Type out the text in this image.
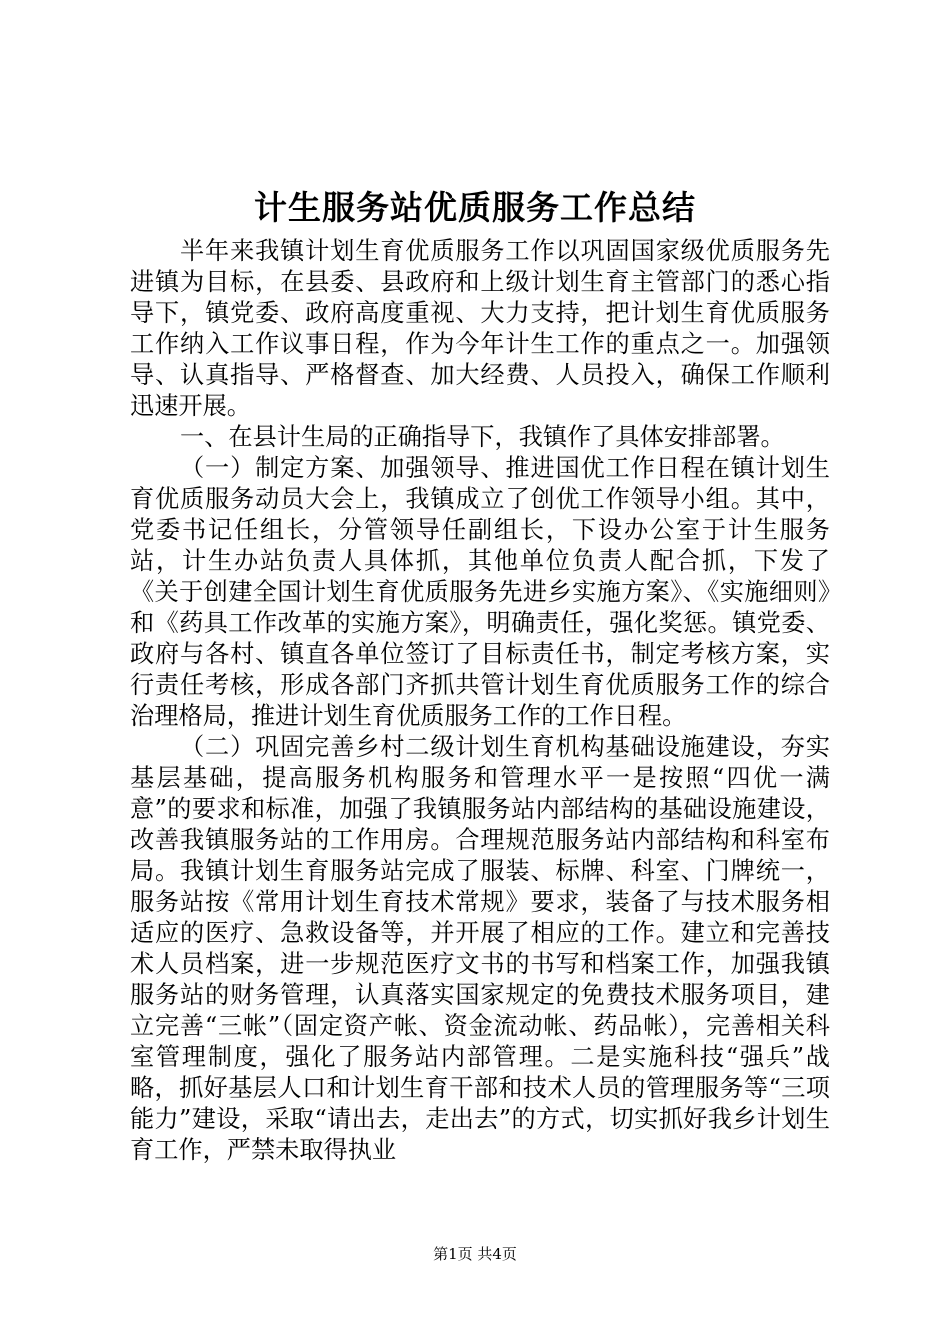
计生服务站优质服务工作总结

半年来我镇计划生育优质服务工作以巩固国家级优质服务先进镇为目标，在县委、县政府和上级计划生育主管部门的悉心指导下，镇党委、政府高度重视、大力支持，把计划生育优质服务工作纳入工作议事日程，作为今年计生工作的重点之一。加强领导、认真指导、严格督查、加大经费、人员投入，确保工作顺利迅速开展。

一、在县计生局的正确指导下，我镇作了具体安排部署。

（一）制定方案、加强领导、推进国优工作日程在镇计划生育优质服务动员大会上，我镇成立了创优工作领导小组。其中，党委书记任组长，分管领导任副组长，下设办公室于计生服务站，计生办站负责人具体抓，其他单位负责人配合抓，下发了《关于创建全国计划生育优质服务先进乡实施方案》、《实施细则》和《药具工作改革的实施方案》，明确责任，强化奖惩。镇党委、政府与各村、镇直各单位签订了目标责任书，制定考核方案，实行责任考核，形成各部门齐抓共管计划生育优质服务工作的综合治理格局，推进计划生育优质服务工作的工作日程。

（二）巩固完善乡村二级计划生育机构基础设施建设，夯实基层基础，提高服务机构服务和管理水平一是按照“四优一满意”的要求和标准，加强了我镇服务站内部结构的基础设施建设，改善我镇服务站的工作用房。合理规范服务站内部结构和科室布局。我镇计划生育服务站完成了服装、标牌、科室、门牌统一，服务站按《常用计划生育技术常规》要求，装备了与技术服务相适应的医疗、急救设备等，并开展了相应的工作。建立和完善技术人员档案，进一步规范医疗文书的书写和档案工作，加强我镇服务站的财务管理，认真落实国家规定的免费技术服务项目，建立完善“三帐”（固定资产帐、资金流动帐、药品帐），完善相关科室管理制度，强化了服务站内部管理。二是实施科技“强兵”战略，抓好基层人口和计划生育干部和技术人员的管理服务等“三项能力”建设，采取“请出去，走出去”的方式，切实抓好我乡计划生育工作，严禁未取得执业

第1页 共4页
